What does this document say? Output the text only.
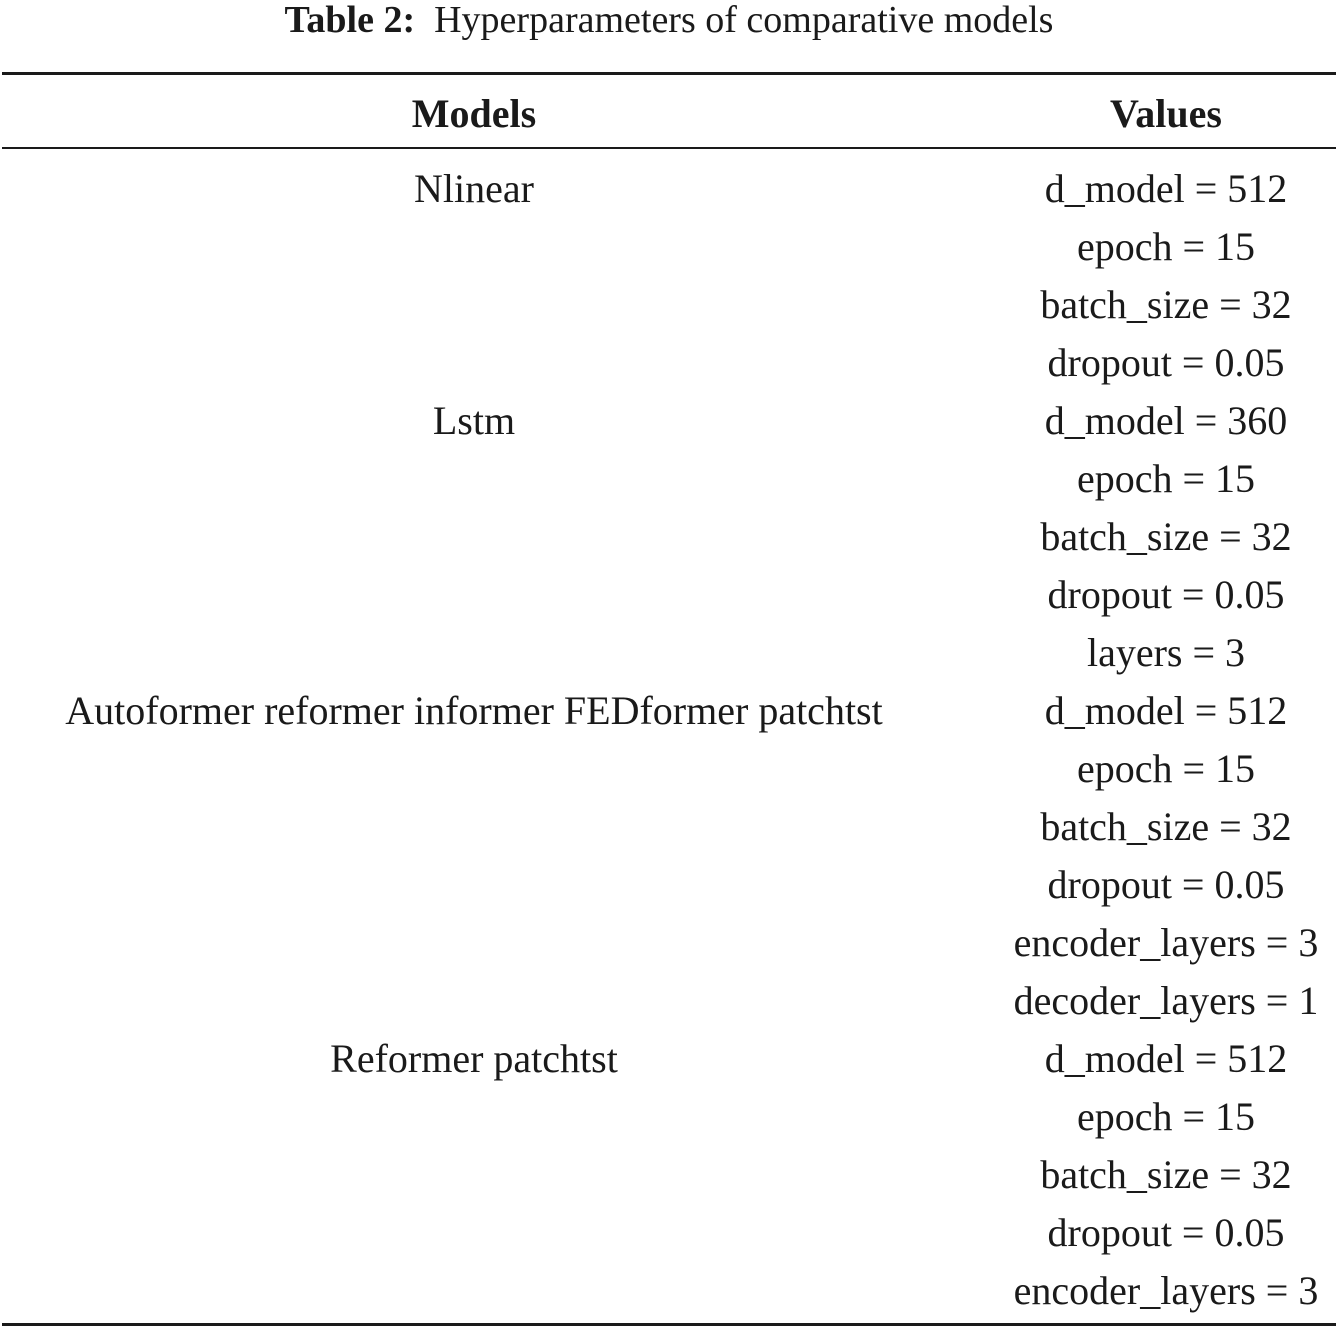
Table 2: Hyperparameters of comparative models
Models	Values
Nlinear	d_model = 512
epoch = 15
batch_size = 32
dropout = 0.05
Lstm	d_model = 360
epoch = 15
batch_size = 32
dropout = 0.05
layers = 3
Autoformer reformer informer FEDformer patchtst	d_model = 512
epoch = 15
batch_size = 32
dropout = 0.05
encoder_layers = 3
decoder_layers = 1
Reformer patchtst	d_model = 512
epoch = 15
batch_size = 32
dropout = 0.05
encoder_layers = 3
